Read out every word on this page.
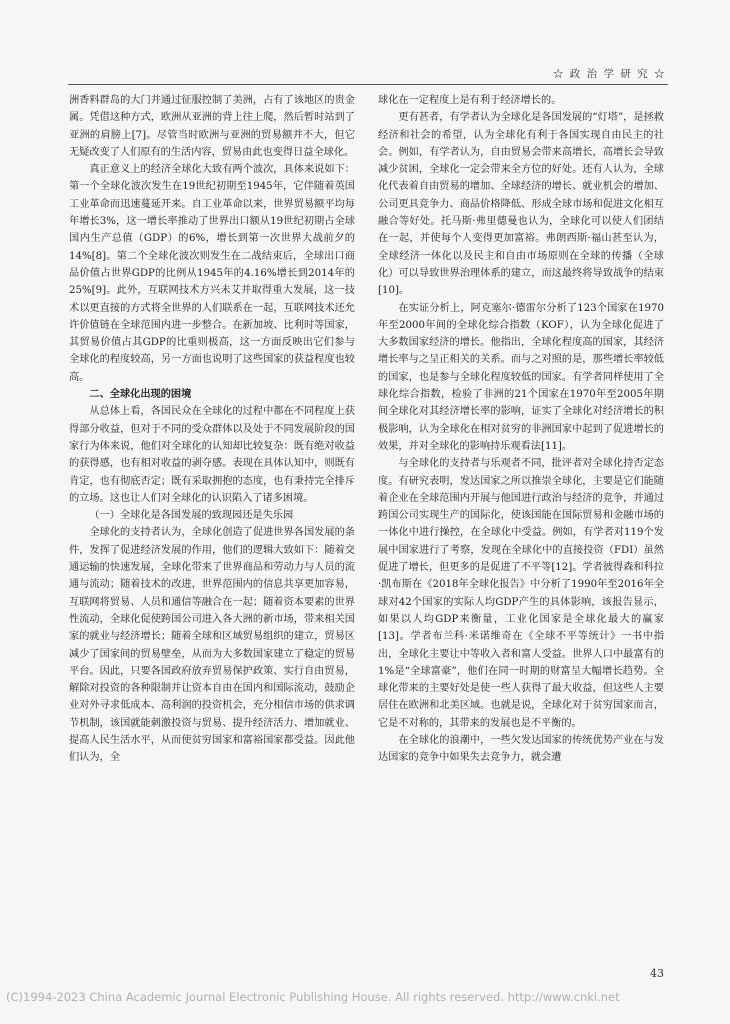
☆ 政 治 学 研 究 ☆

洲香料群岛的大门并通过征服控制了美洲，占有了该地区的贵金属。凭借这种方式，欧洲从亚洲的背上往上爬，然后暂时站到了亚洲的肩膀上[7]。尽管当时欧洲与亚洲的贸易额并不大，但它无疑改变了人们原有的生活内容，贸易由此也变得日益全球化。

真正意义上的经济全球化大致有两个波次，具体来说如下：第一个全球化波次发生在19世纪初期至1945年，它伴随着英国工业革命而迅速蔓延开来。自工业革命以来，世界贸易额平均每年增长3%，这一增长率推动了世界出口额从19世纪初期占全球国内生产总值（GDP）的6%，增长到第一次世界大战前夕的14%[8]。第二个全球化波次则发生在二战结束后，全球出口商品价值占世界GDP的比例从1945年的4.16%增长到2014年的25%[9]。此外，互联网技术方兴未艾并取得重大发展，这一技术以更直接的方式将全世界的人们联系在一起，互联网技术还允许价值链在全球范围内进一步整合。在新加坡、比利时等国家，其贸易价值占其GDP的比重则极高，这一方面反映出它们参与全球化的程度较高，另一方面也说明了这些国家的获益程度也较高。

二、全球化出现的困境

从总体上看，各国民众在全球化的过程中都在不同程度上获得部分收益，但对于不同的受众群体以及处于不同发展阶段的国家行为体来说，他们对全球化的认知却比较复杂：既有绝对收益的获得感，也有相对收益的剥夺感。表现在具体认知中，则既有肯定，也有彻底否定；既有采取拥抱的态度，也有秉持完全排斥的立场。这也让人们对全球化的认识陷入了诸多困境。

（一）全球化是各国发展的致现园还是失乐园

全球化的支持者认为，全球化创造了促进世界各国发展的条件，发挥了促进经济发展的作用，他们的逻辑大致如下：随着交通运输的快速发展，全球化带来了世界商品和劳动力与人员的流通与流动；随着技术的改进，世界范围内的信息共享更加容易，互联网将贸易、人员和通信等融合在一起；随着资本要素的世界性流动，全球化促使跨国公司进入各大洲的新市场，带来相关国家的就业与经济增长；随着全球和区域贸易组织的建立，贸易区减少了国家间的贸易壁垒，从而为大多数国家建立了稳定的贸易平台。因此，只要各国政府放弃贸易保护政策、实行自由贸易，解除对投资的各种限制并让资本自由在国内和国际流动，鼓励企业对外寻求低成本、高利润的投资机会，充分相信市场的供求调节机制，该国就能刺激投资与贸易、提升经济活力、增加就业、提高人民生活水平，从而使贫穷国家和富裕国家都受益。因此他们认为，全

球化在一定程度上是有利于经济增长的。

更有甚者，有学者认为全球化是各国发展的“灯塔”，是拯救经济和社会的希望，认为全球化有利于各国实现自由民主的社会。例如，有学者认为，自由贸易会带来高增长，高增长会导致减少贫困，全球化一定会带来全方位的好处。还有人认为，全球化代表着自由贸易的增加、全球经济的增长、就业机会的增加、公司更具竞争力、商品价格降低、形成全球市场和促进文化相互融合等好处。托马斯·弗里德曼也认为，全球化可以使人们团结在一起，并使每个人变得更加富裕。弗朗西斯·福山甚至认为，全球经济一体化以及民主和自由市场原则在全球的传播（全球化）可以导致世界治理体系的建立，而这最终将导致战争的结束[10]。

在实证分析上，阿克塞尔·德雷尔分析了123个国家在1970年至2000年间的全球化综合指数（KOF），认为全球化促进了大多数国家经济的增长。他指出，全球化程度高的国家，其经济增长率与之呈正相关的关系。而与之对照的是，那些增长率较低的国家，也是参与全球化程度较低的国家。有学者同样使用了全球化综合指数，检验了非洲的21个国家在1970年至2005年期间全球化对其经济增长率的影响，证实了全球化对经济增长的积极影响，认为全球化在相对贫穷的非洲国家中起到了促进增长的效果，并对全球化的影响持乐观看法[11]。

与全球化的支持者与乐观者不同，批评者对全球化持否定态度。有研究表明，发达国家之所以推崇全球化，主要是它们能随着企业在全球范围内开展与他国进行政治与经济的竞争，并通过跨国公司实现生产的国际化，使该国能在国际贸易和金融市场的一体化中进行操控，在全球化中受益。例如，有学者对119个发展中国家进行了考察，发现在全球化中的直接投资（FDI）虽然促进了增长，但更多的是促进了不平等[12]。学者彼得森和科拉·凯布斯在《2018年全球化报告》中分析了1990年至2016年全球对42个国家的实际人均GDP产生的具体影响，该报告显示，如果以人均GDP来衡量，工业化国家是全球化最大的赢家[13]。学者布兰科·米诺维奇在《全球不平等统计》一书中指出，全球化主要让中等收入者和富人受益。世界人口中最富有的1%是“全球富豪”，他们在同一时期的财富呈大幅增长趋势。全球化带来的主要好处是使一些人获得了最大收益，但这些人主要居住在欧洲和北美区域。也就是说，全球化对于贫穷国家而言，它是不对称的，其带来的发展也是不平衡的。

在全球化的浪潮中，一些欠发达国家的传统优势产业在与发达国家的竞争中如果失去竞争力，就会遭

43
(C)1994-2023 China Academic Journal Electronic Publishing House. All rights reserved. http://www.cnki.net
